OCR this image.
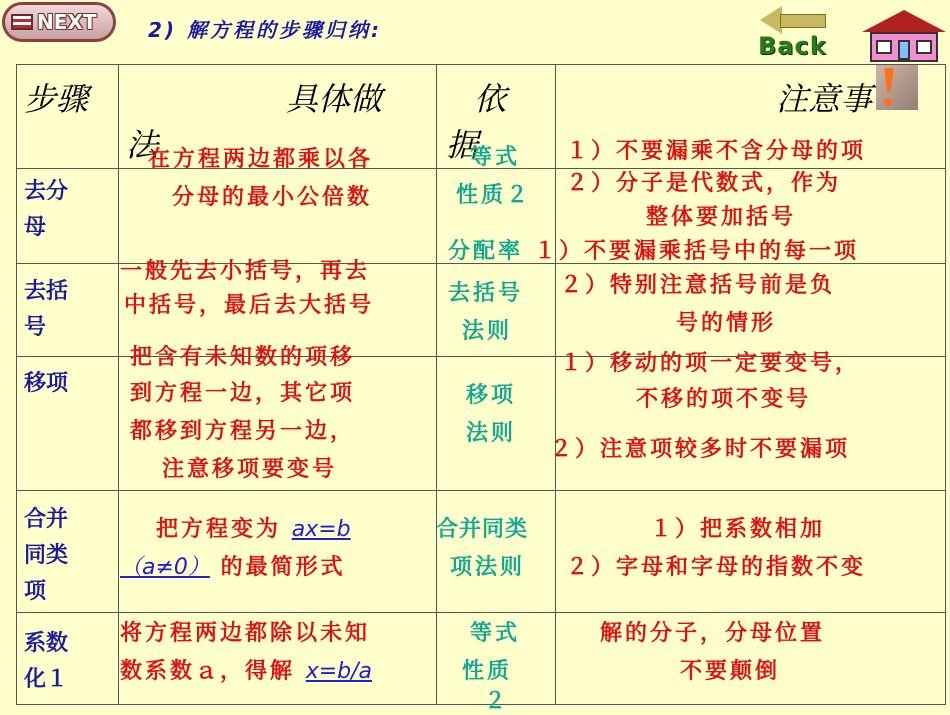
NEXT	2) 解方程的步骤归纳:
Back
步骤	具体做
法
依
据
注意事
去分
母
在方程两边都乘以各
分母的最小公倍数
等式
性质２
１）不要漏乘不含分母的项
２）分子是代数式，作为
整体要加括号
去括
号
一般先去小括号，再去
中括号，最后去大括号
分配率
去括号
法则
１）不要漏乘括号中的每一项
２）特别注意括号前是负
号的情形
移项
把含有未知数的项移
到方程一边，其它项
都移到方程另一边，
注意移项要变号
移项
法则
１）移动的项一定要变号，
不移的项不变号
２）注意项较多时不要漏项
合并
同类
项
把方程变为 ax=b
（a≠0） 的最简形式
合并同类
项法则
１）把系数相加
２）字母和字母的指数不变
系数
化１
将方程两边都除以未知
数系数ａ，得解 x=b/a
等式
性质
２
解的分子，分母位置
不要颠倒
